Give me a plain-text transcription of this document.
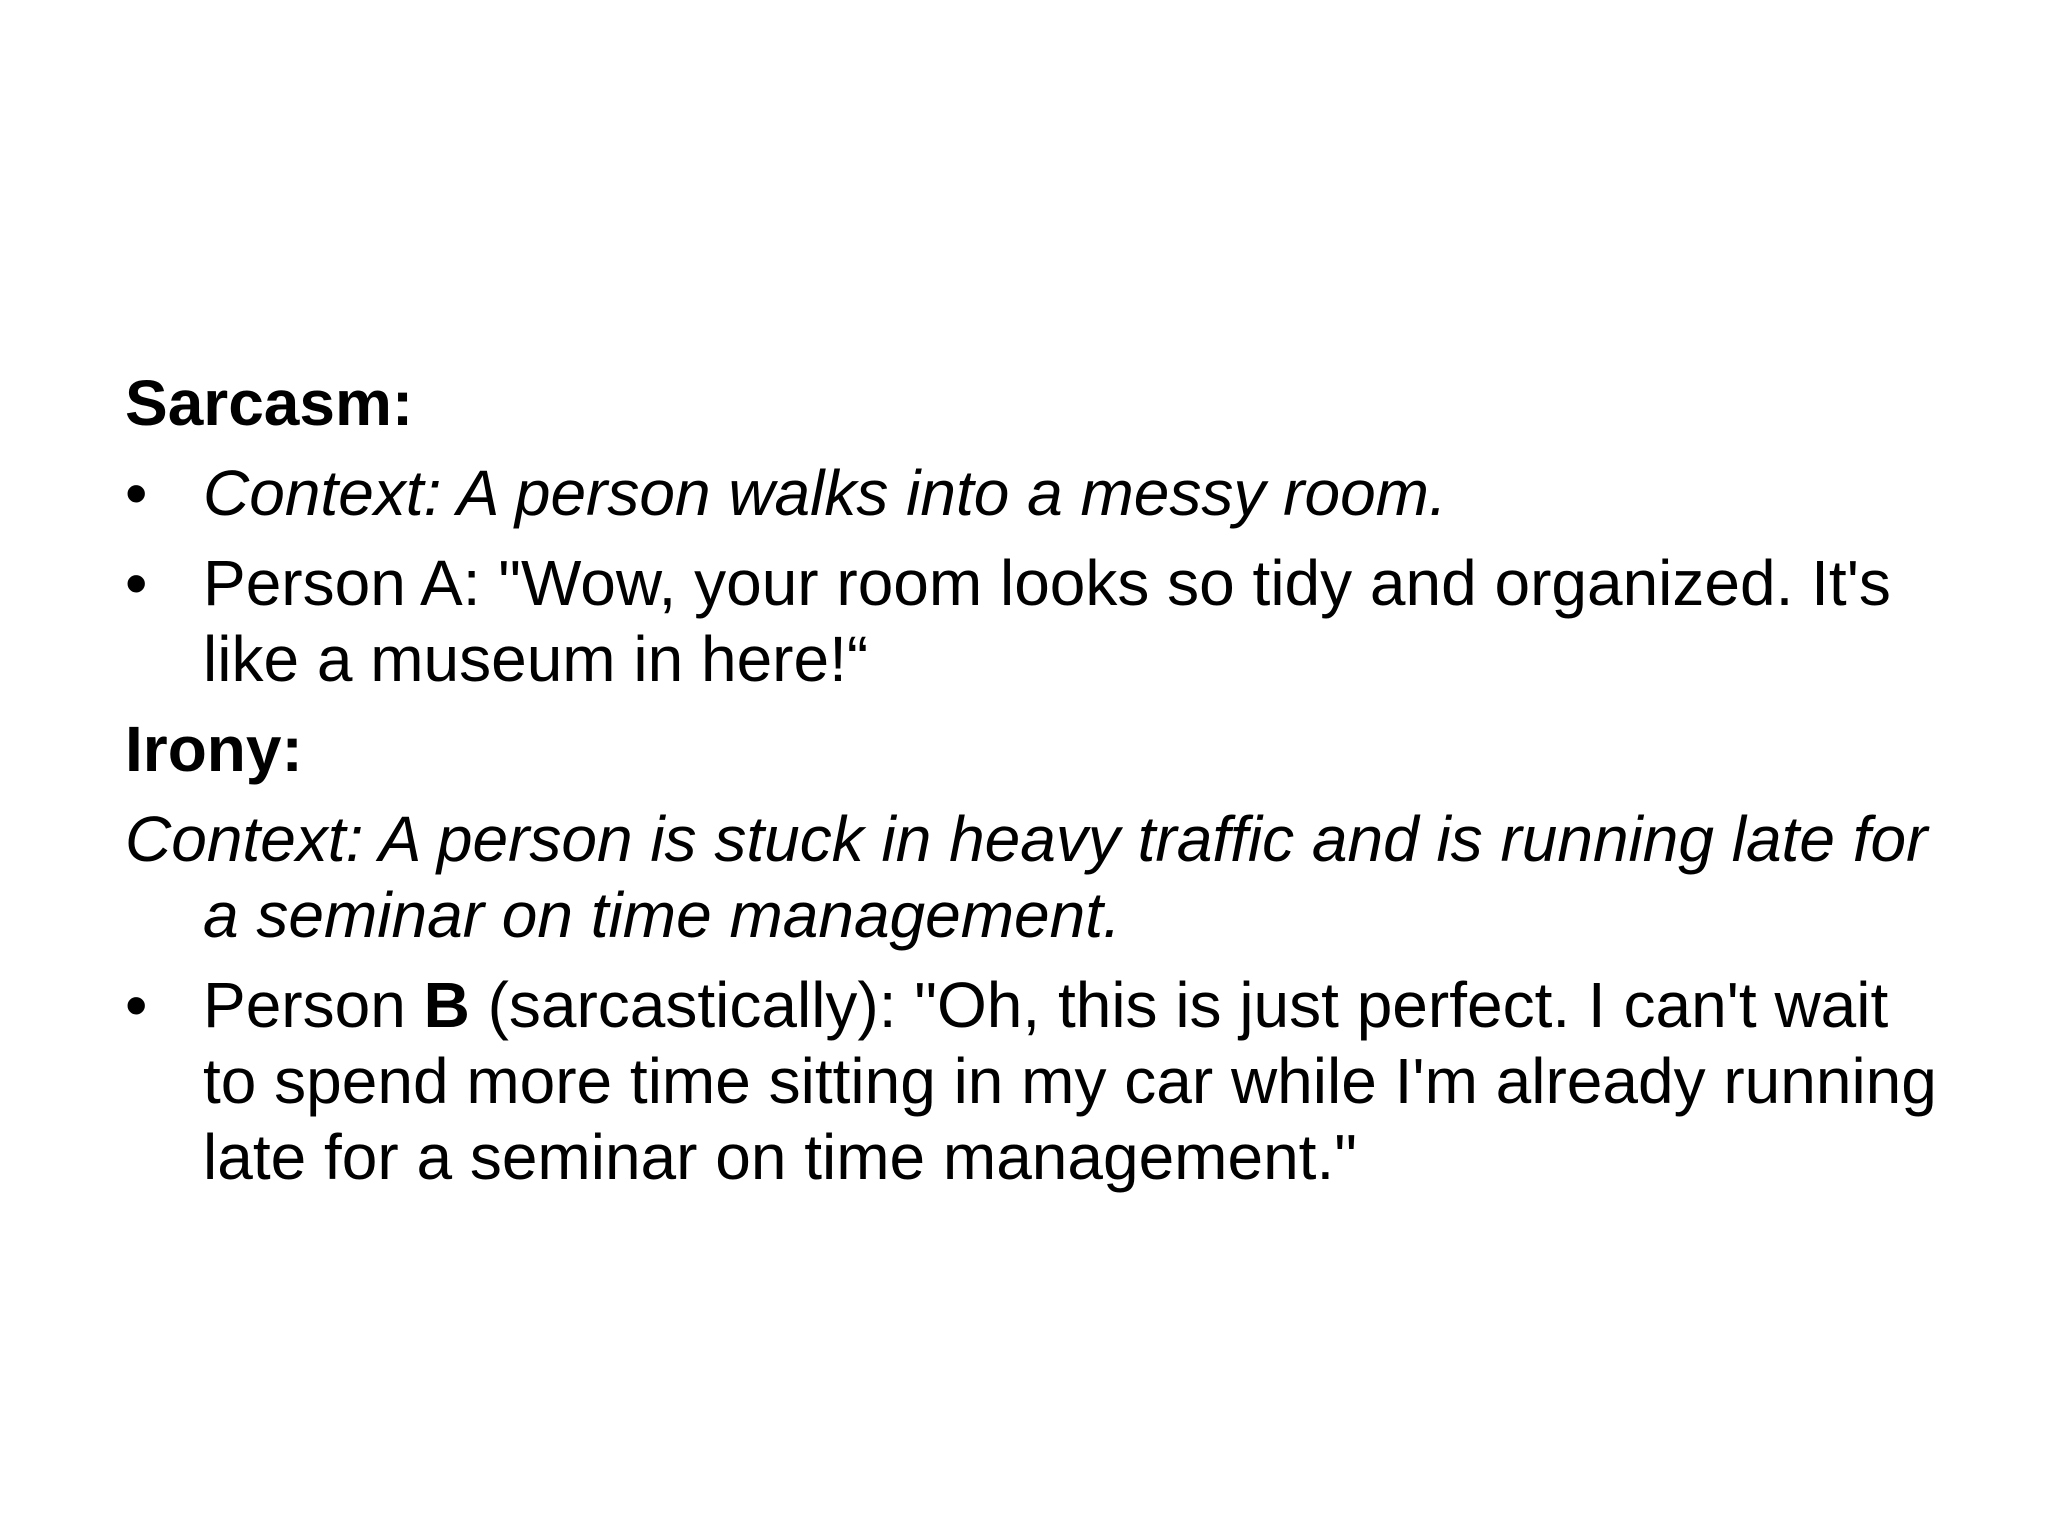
Sarcasm:
• Context: A person walks into a messy room.
• Person A: "Wow, your room looks so tidy and organized. It's like a museum in here!“
Irony:
Context: A person is stuck in heavy traffic and is running late for a seminar on time management.
• Person B (sarcastically): "Oh, this is just perfect. I can't wait to spend more time sitting in my car while I'm already running late for a seminar on time management."
